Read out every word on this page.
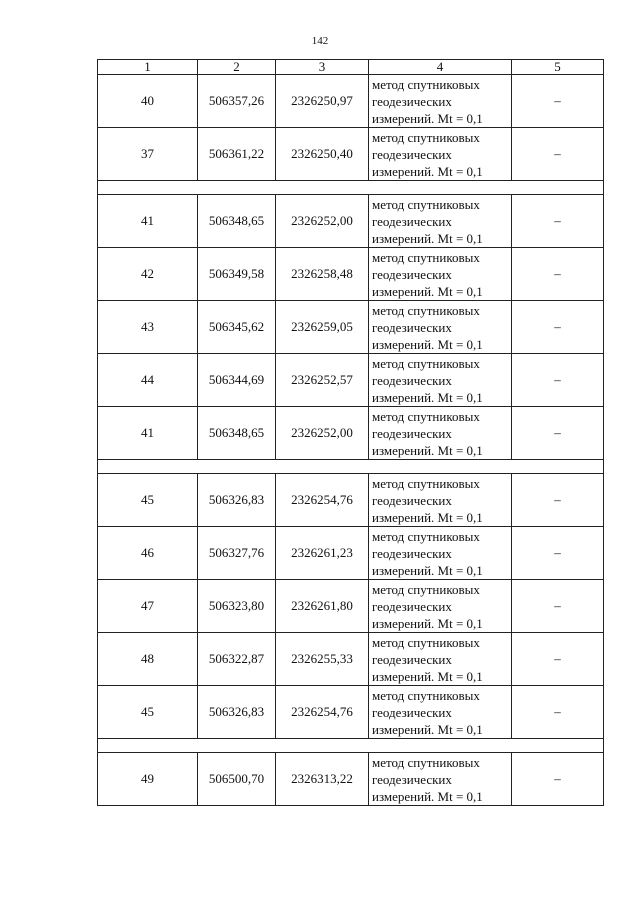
142
1	2	3	4	5
40	506357,26	2326250,97	метод спутниковых
геодезических
измерений. Mt = 0,1	–
37	506361,22	2326250,40	метод спутниковых
геодезических
измерений. Mt = 0,1	–

41	506348,65	2326252,00	метод спутниковых
геодезических
измерений. Mt = 0,1	–
42	506349,58	2326258,48	метод спутниковых
геодезических
измерений. Mt = 0,1	–
43	506345,62	2326259,05	метод спутниковых
геодезических
измерений. Mt = 0,1	–
44	506344,69	2326252,57	метод спутниковых
геодезических
измерений. Mt = 0,1	–
41	506348,65	2326252,00	метод спутниковых
геодезических
измерений. Mt = 0,1	–

45	506326,83	2326254,76	метод спутниковых
геодезических
измерений. Mt = 0,1	–
46	506327,76	2326261,23	метод спутниковых
геодезических
измерений. Mt = 0,1	–
47	506323,80	2326261,80	метод спутниковых
геодезических
измерений. Mt = 0,1	–
48	506322,87	2326255,33	метод спутниковых
геодезических
измерений. Mt = 0,1	–
45	506326,83	2326254,76	метод спутниковых
геодезических
измерений. Mt = 0,1	–

49	506500,70	2326313,22	метод спутниковых
геодезических
измерений. Mt = 0,1	–
